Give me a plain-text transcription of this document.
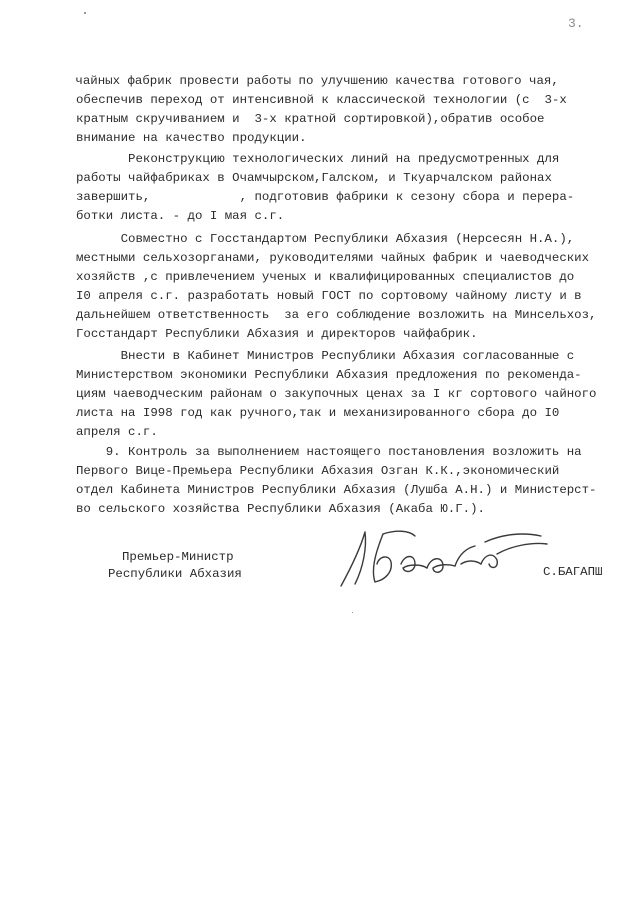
3.
чайных фабрик провести работы по улучшению качества готового чая,
обеспечив переход от интенсивной к классической технологии (с  3-х
кратным скручиванием и  3-х кратной сортировкой),обратив особое
внимание на качество продукции.
Реконструкцию технологических линий на предусмотренных для
работы чайфабриках в Очамчырском,Галском, и Ткуарчалском районах
завершить,            , подготовив фабрики к сезону сбора и перера-
ботки листа. - до I мая с.г.
Совместно с Госстандартом Республики Абхазия (Нерсесян Н.А.),
местными сельхозорганами, руководителями чайных фабрик и чаеводческих
хозяйств ,с привлечением ученых и квалифицированных специалистов до
I0 апреля с.г. разработать новый ГОСТ по сортовому чайному листу и в
дальнейшем ответственность  за его соблюдение возложить на Минсельхоз,
Госстандарт Республики Абхазия и директоров чайфабрик.
Внести в Кабинет Министров Республики Абхазия согласованные с
Министерством экономики Республики Абхазия предложения по рекоменда-
циям чаеводческим районам о закупочных ценах за I кг сортового чайного
листа на I998 год как ручного,так и механизированного сбора до I0
апреля с.г.
9. Контроль за выполнением настоящего постановления возложить на
Первого Вице-Премьера Республики Абхазия Озган К.К.,экономический
отдел Кабинета Министров Республики Абхазия (Лушба А.Н.) и Министерст-
во сельского хозяйства Республики Абхазия (Акаба Ю.Г.).
Премьер-Министр
Республики Абхазия	С.БАГАПШ
